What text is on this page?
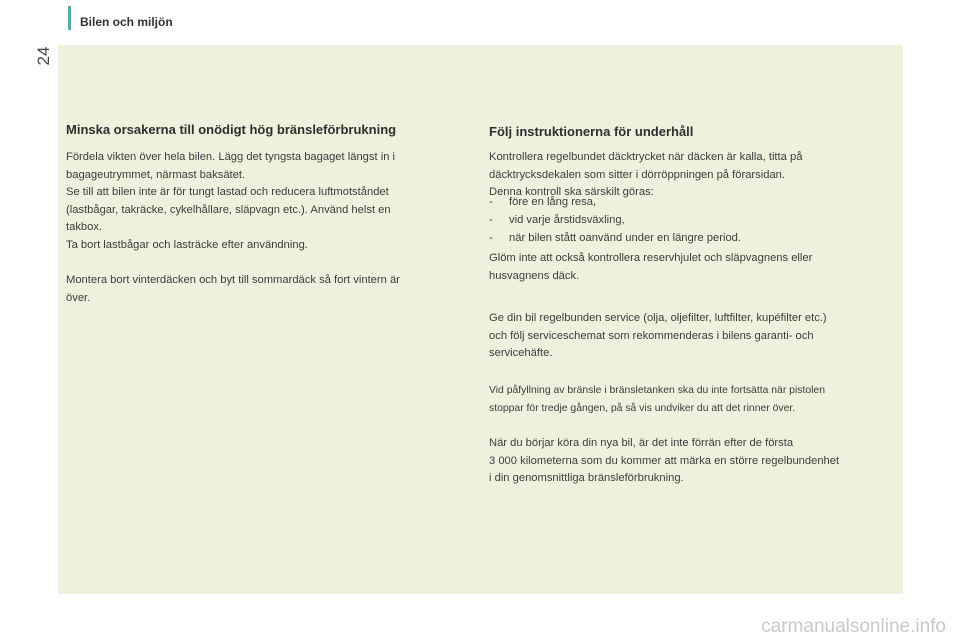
Bilen och miljön
24
Minska orsakerna till onödigt hög bränsleförbrukning
Fördela vikten över hela bilen. Lägg det tyngsta bagaget längst in i
bagageutrymmet, närmast baksätet.
Se till att bilen inte är för tungt lastad och reducera luftmotståndet
(lastbågar, takräcke, cykelhållare, släpvagn etc.). Använd helst en
takbox.
Ta bort lastbågar och lasträcke efter användning.
Montera bort vinterdäcken och byt till sommardäck så fort vintern är
över.
Följ instruktionerna för underhåll
Kontrollera regelbundet däcktrycket när däcken är kalla, titta på
däcktrycksdekalen som sitter i dörröppningen på förarsidan.
Denna kontroll ska särskilt göras:
- före en lång resa,
- vid varje årstidsväxling,
- när bilen stått oanvänd under en längre period.
Glöm inte att också kontrollera reservhjulet och släpvagnens eller
husvagnens däck.
Ge din bil regelbunden service (olja, oljefilter, luftfilter, kupéfilter etc.)
och följ serviceschemat som rekommenderas i bilens garanti- och
servicehäfte.
Vid påfyllning av bränsle i bränsletanken ska du inte fortsätta när pistolen
stoppar för tredje gången, på så vis undviker du att det rinner över.
När du börjar köra din nya bil, är det inte förrän efter de första
3 000 kilometerna som du kommer att märka en större regelbundenhet
i din genomsnittliga bränsleförbrukning.
carmanualsonline.info
